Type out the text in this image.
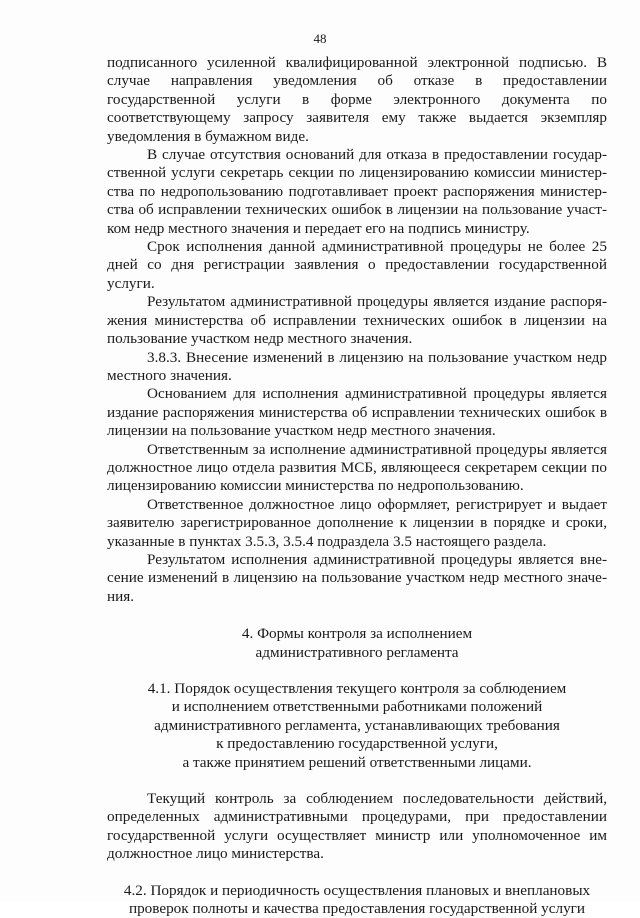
48

подписанного усиленной квалифицированной электронной подписью. В случае направления уведомления об отказе в предоставлении государственной услуги в форме электронного документа по соответствующему запросу заявителя ему также выдается экземпляр уведомления в бумажном виде.

В случае отсутствия оснований для отказа в предоставлении государственной услуги секретарь секции по лицензированию комиссии министерства по недропользованию подготавливает проект распоряжения министерства об исправлении технических ошибок в лицензии на пользование участком недр местного значения и передает его на подпись министру.

Срок исполнения данной административной процедуры не более 25 дней со дня регистрации заявления о предоставлении государственной услуги.

Результатом административной процедуры является издание распоряжения министерства об исправлении технических ошибок в лицензии на пользование участком недр местного значения.

3.8.3. Внесение изменений в лицензию на пользование участком недр местного значения.

Основанием для исполнения административной процедуры является издание распоряжения министерства об исправлении технических ошибок в лицензии на пользование участком недр местного значения.

Ответственным за исполнение административной процедуры является должностное лицо отдела развития МСБ, являющееся секретарем секции по лицензированию комиссии министерства по недропользованию.

Ответственное должностное лицо оформляет, регистрирует и выдает заявителю зарегистрированное дополнение к лицензии в порядке и сроки, указанные в пунктах 3.5.3, 3.5.4 подраздела 3.5 настоящего раздела.

Результатом исполнения административной процедуры является внесение изменений в лицензию на пользование участком недр местного значения.

4. Формы контроля за исполнением

административного регламента

4.1. Порядок осуществления текущего контроля за соблюдением

и исполнением ответственными работниками положений

административного регламента, устанавливающих требования

к предоставлению государственной услуги,

а также принятием решений ответственными лицами.

Текущий контроль за соблюдением последовательности действий, определенных административными процедурами, при предоставлении государственной услуги осуществляет министр или уполномоченное им должностное лицо министерства.

4.2. Порядок и периодичность осуществления плановых и внеплановых

проверок полноты и качества предоставления государственной услуги
